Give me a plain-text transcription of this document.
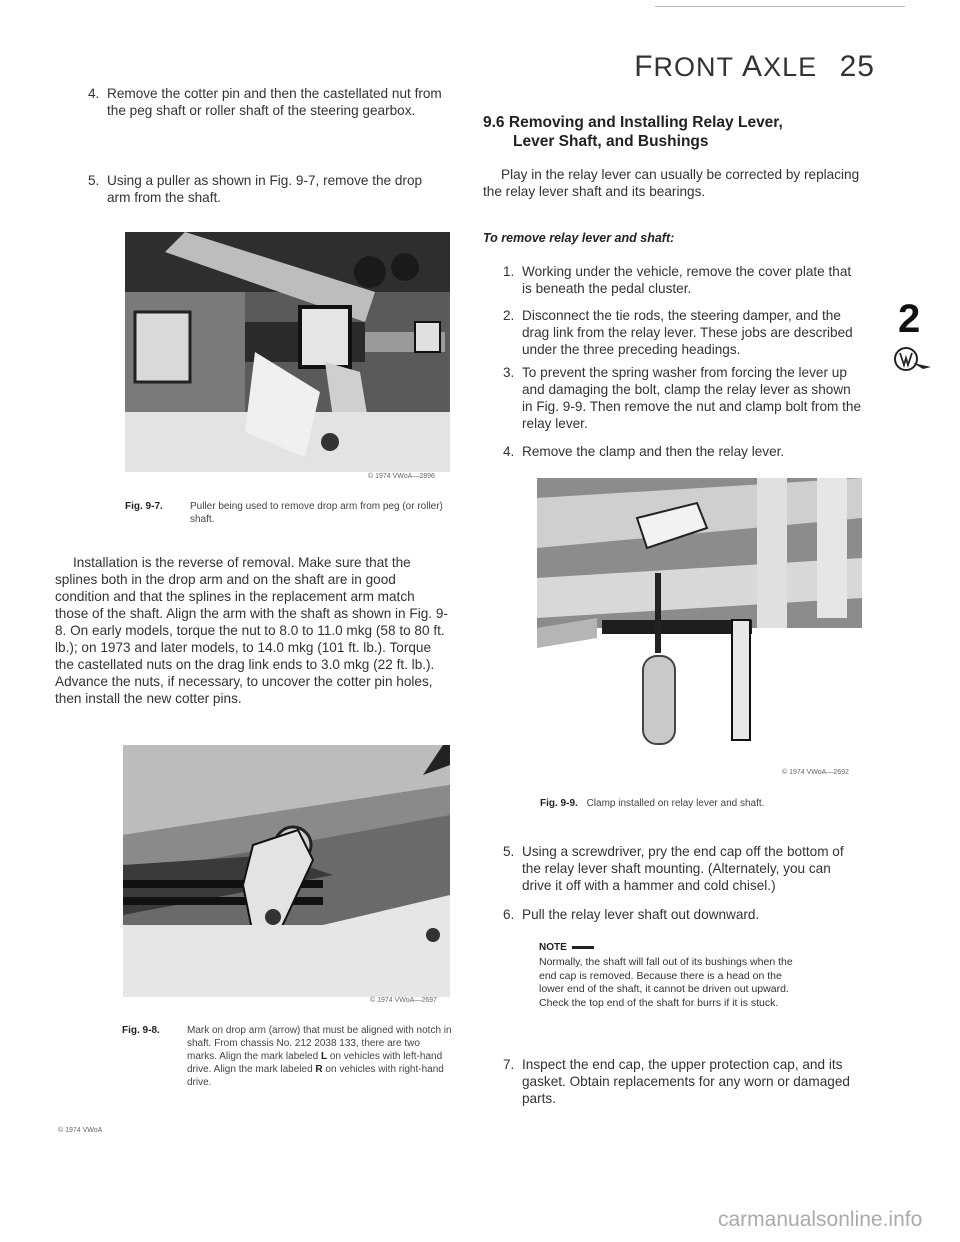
FRONT AXLE 25
4. Remove the cotter pin and then the castellated nut from the peg shaft or roller shaft of the steering gearbox.
5. Using a puller as shown in Fig. 9-7, remove the drop arm from the shaft.
© 1974 VWoA—2896
Fig. 9-7.	Puller being used to remove drop arm from peg (or roller) shaft.
Installation is the reverse of removal. Make sure that the splines both in the drop arm and on the shaft are in good condition and that the splines in the replacement arm match those of the shaft. Align the arm with the shaft as shown in Fig. 9-8. On early models, torque the nut to 8.0 to 11.0 mkg (58 to 80 ft. lb.); on 1973 and later models, to 14.0 mkg (101 ft. lb.). Torque the castellated nuts on the drag link ends to 3.0 mkg (22 ft. lb.). Advance the nuts, if necessary, to uncover the cotter pin holes, then install the new cotter pins.
© 1974 VWoA—2697
Fig. 9-8.	Mark on drop arm (arrow) that must be aligned with notch in shaft. From chassis No. 212 2038 133, there are two marks. Align the mark labeled L on vehicles with left-hand drive. Align the mark labeled R on vehicles with right-hand drive.
© 1974 VWoA
9.6 Removing and Installing Relay Lever,
Lever Shaft, and Bushings
Play in the relay lever can usually be corrected by replacing the relay lever shaft and its bearings.
To remove relay lever and shaft:
1. Working under the vehicle, remove the cover plate that is beneath the pedal cluster.
2. Disconnect the tie rods, the steering damper, and the drag link from the relay lever. These jobs are described under the three preceding headings.
3. To prevent the spring washer from forcing the lever up and damaging the bolt, clamp the relay lever as shown in Fig. 9-9. Then remove the nut and clamp bolt from the relay lever.
4. Remove the clamp and then the relay lever.
© 1974 VWoA—2692
Fig. 9-9. Clamp installed on relay lever and shaft.
5. Using a screwdriver, pry the end cap off the bottom of the relay lever shaft mounting. (Alternately, you can drive it off with a hammer and cold chisel.)
6. Pull the relay lever shaft out downward.
NOTE
Normally, the shaft will fall out of its bushings when the end cap is removed. Because there is a head on the lower end of the shaft, it cannot be driven out upward. Check the top end of the shaft for burrs if it is stuck.
7. Inspect the end cap, the upper protection cap, and its gasket. Obtain replacements for any worn or damaged parts.
2
carmanualsonline.info
